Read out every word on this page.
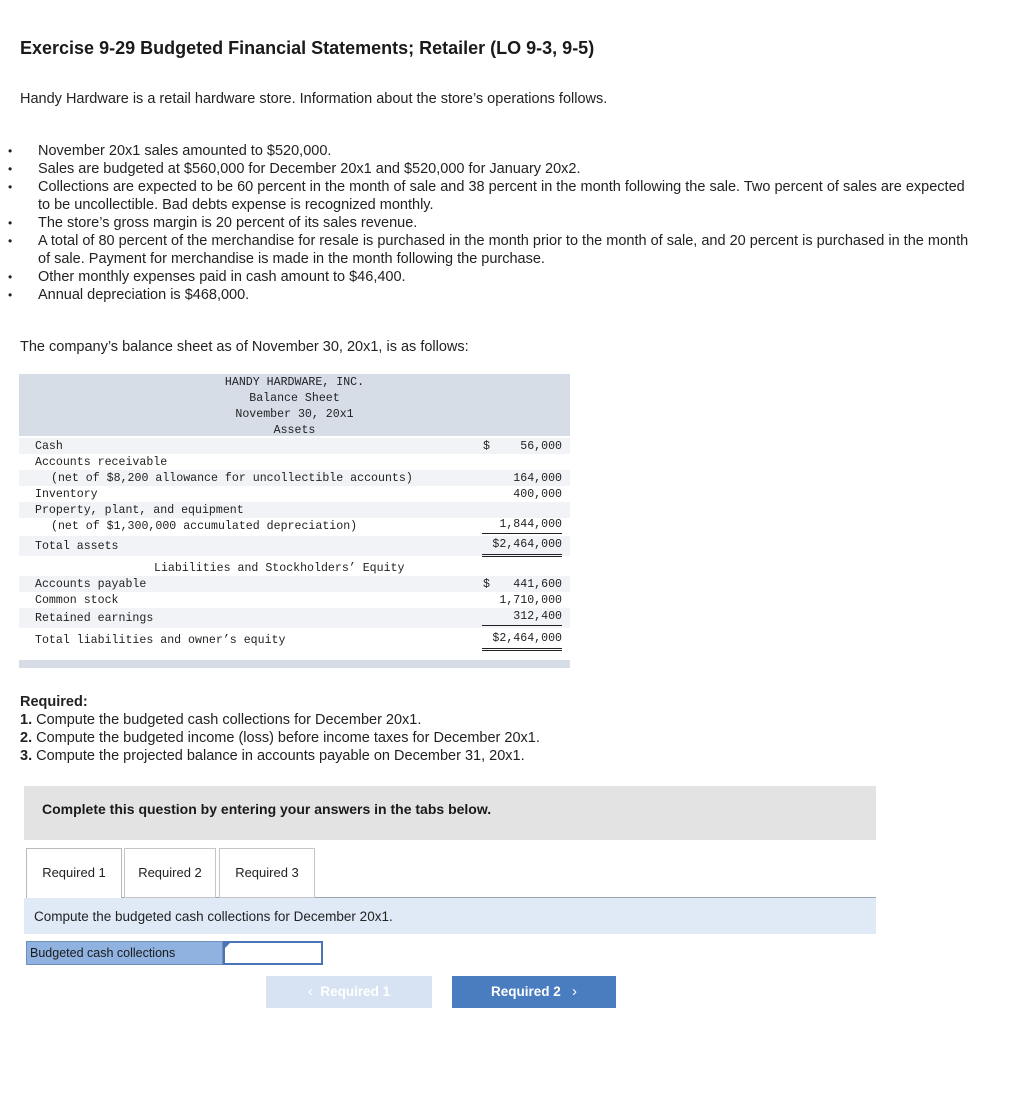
Exercise 9-29 Budgeted Financial Statements; Retailer (LO 9-3, 9-5)
Handy Hardware is a retail hardware store. Information about the store’s operations follows.
• November 20x1 sales amounted to $520,000.
• Sales are budgeted at $560,000 for December 20x1 and $520,000 for January 20x2.
• Collections are expected to be 60 percent in the month of sale and 38 percent in the month following the sale. Two percent of sales are expected to be uncollectible. Bad debts expense is recognized monthly.
• The store’s gross margin is 20 percent of its sales revenue.
• A total of 80 percent of the merchandise for resale is purchased in the month prior to the month of sale, and 20 percent is purchased in the month of sale. Payment for merchandise is made in the month following the purchase.
• Other monthly expenses paid in cash amount to $46,400.
• Annual depreciation is $468,000.
The company’s balance sheet as of November 30, 20x1, is as follows:
HANDY HARDWARE, INC.
Balance Sheet
November 30, 20x1
Assets
Cash	$	56,000
Accounts receivable
(net of $8,200 allowance for uncollectible accounts)	164,000
Inventory	400,000
Property, plant, and equipment
(net of $1,300,000 accumulated depreciation)	1,844,000
Total assets	$2,464,000
Liabilities and Stockholders’ Equity
Accounts payable	$ 441,600
Common stock	1,710,000
Retained earnings	312,400
Total liabilities and owner’s equity	$2,464,000
Required:
1. Compute the budgeted cash collections for December 20x1.
2. Compute the budgeted income (loss) before income taxes for December 20x1.
3. Compute the projected balance in accounts payable on December 31, 20x1.
Complete this question by entering your answers in the tabs below.
Required 1	Required 2	Required 3
Compute the budgeted cash collections for December 20x1.
Budgeted cash collections
‹ Required 1	Required 2 ›
